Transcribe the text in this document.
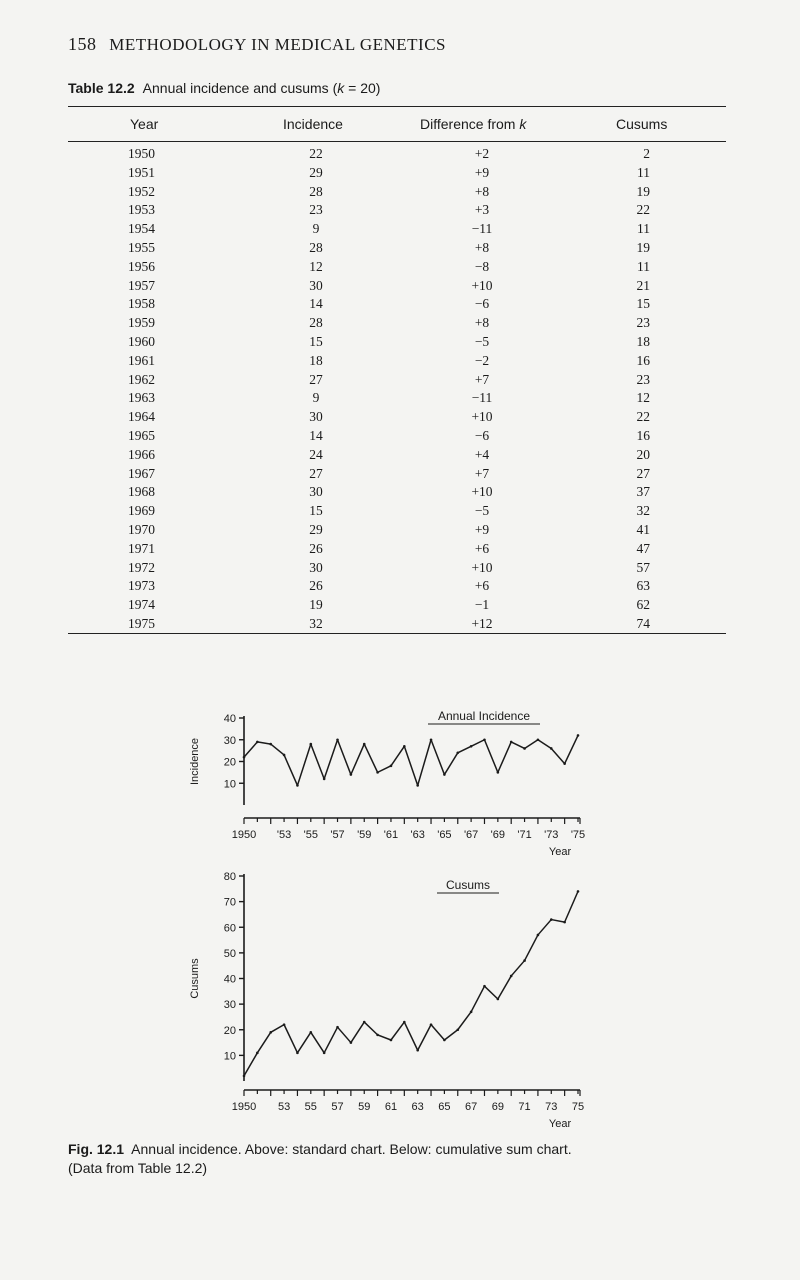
158 METHODOLOGY IN MEDICAL GENETICS
Table 12.2 Annual incidence and cusums (k = 20)
Year	Incidence	Difference from k	Cusums
1950	22	+2	2
1951	29	+9	11
1952	28	+8	19
1953	23	+3	22
1954	9	−11	11
1955	28	+8	19
1956	12	−8	11
1957	30	+10	21
1958	14	−6	15
1959	28	+8	23
1960	15	−5	18
1961	18	−2	16
1962	27	+7	23
1963	9	−11	12
1964	30	+10	22
1965	14	−6	16
1966	24	+4	20
1967	27	+7	27
1968	30	+10	37
1969	15	−5	32
1970	29	+9	41
1971	26	+6	47
1972	30	+10	57
1973	26	+6	63
1974	19	−1	62
1975	32	+12	74
10
20
30
40
1950 '53 '55 '57 '59 '61 '63 '65 '67 '69 '71 '73 '75
Year
Incidence
Annual Incidence
10
20
30
40
50
60
70
80
1950 53 55 57 59 61 63 65 67 69 71 73 75
Year
Cusums
Cusums
Fig. 12.1 Annual incidence. Above: standard chart. Below: cumulative sum chart.
(Data from Table 12.2)
